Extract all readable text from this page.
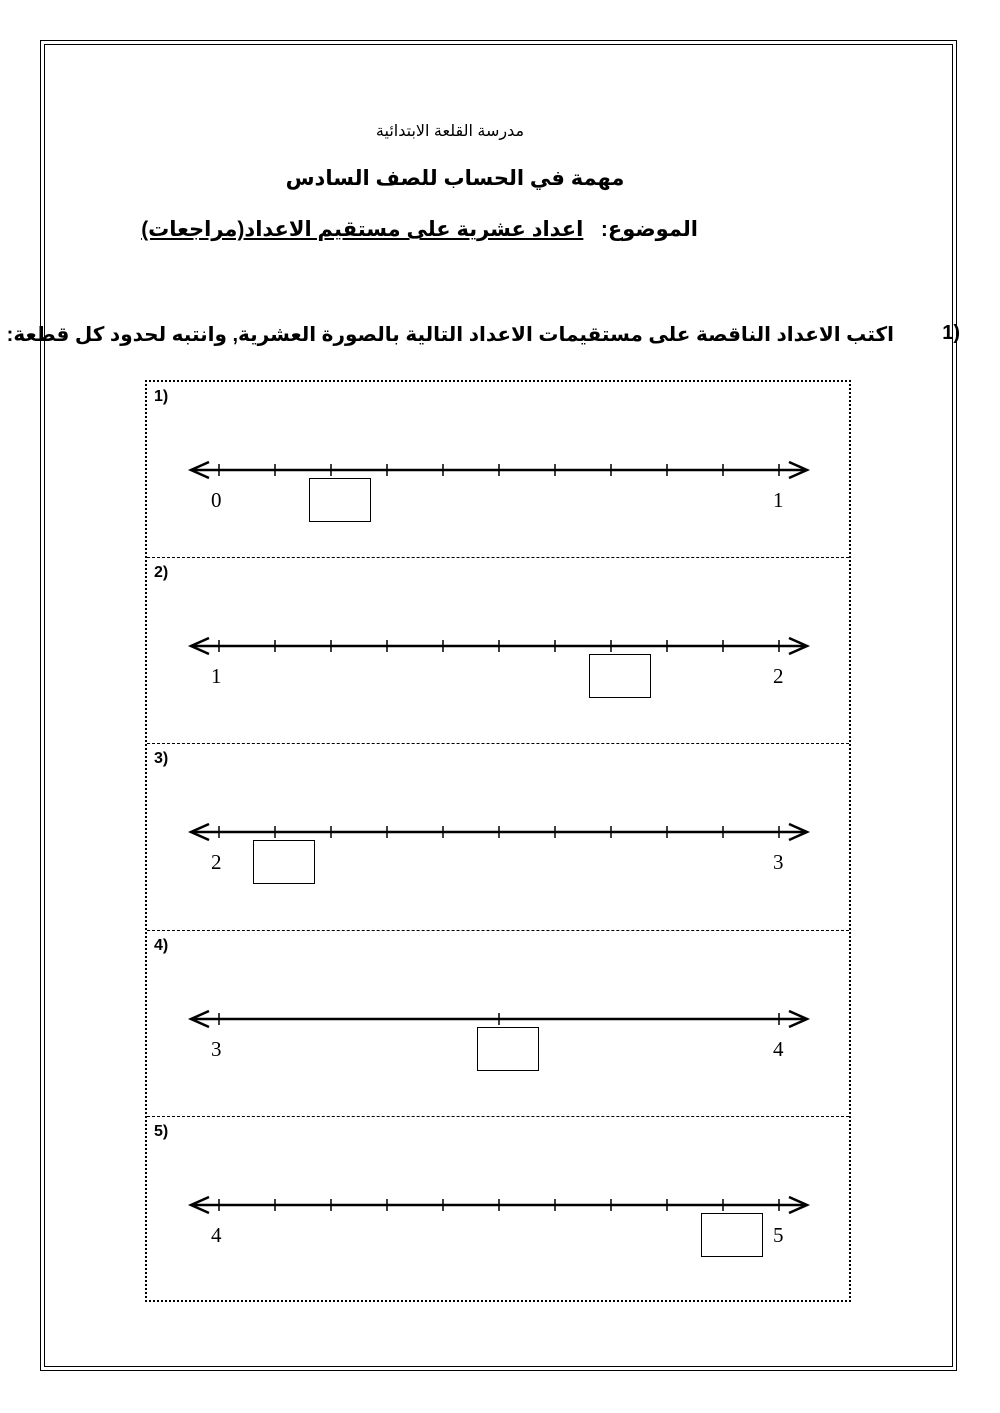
مدرسة القلعة الابتدائية
مهمة في الحساب للصف السادس
الموضوع:   اعداد عشرية على مستقيم الاعداد(مراجعات)
1)
اكتب الاعداد الناقصة على مستقيمات الاعداد التالية بالصورة العشرية, وانتبه لحدود كل قطعة:
1)
0	1
2)
1	2
3)
2	3
4)
3	4
5)
4	5
